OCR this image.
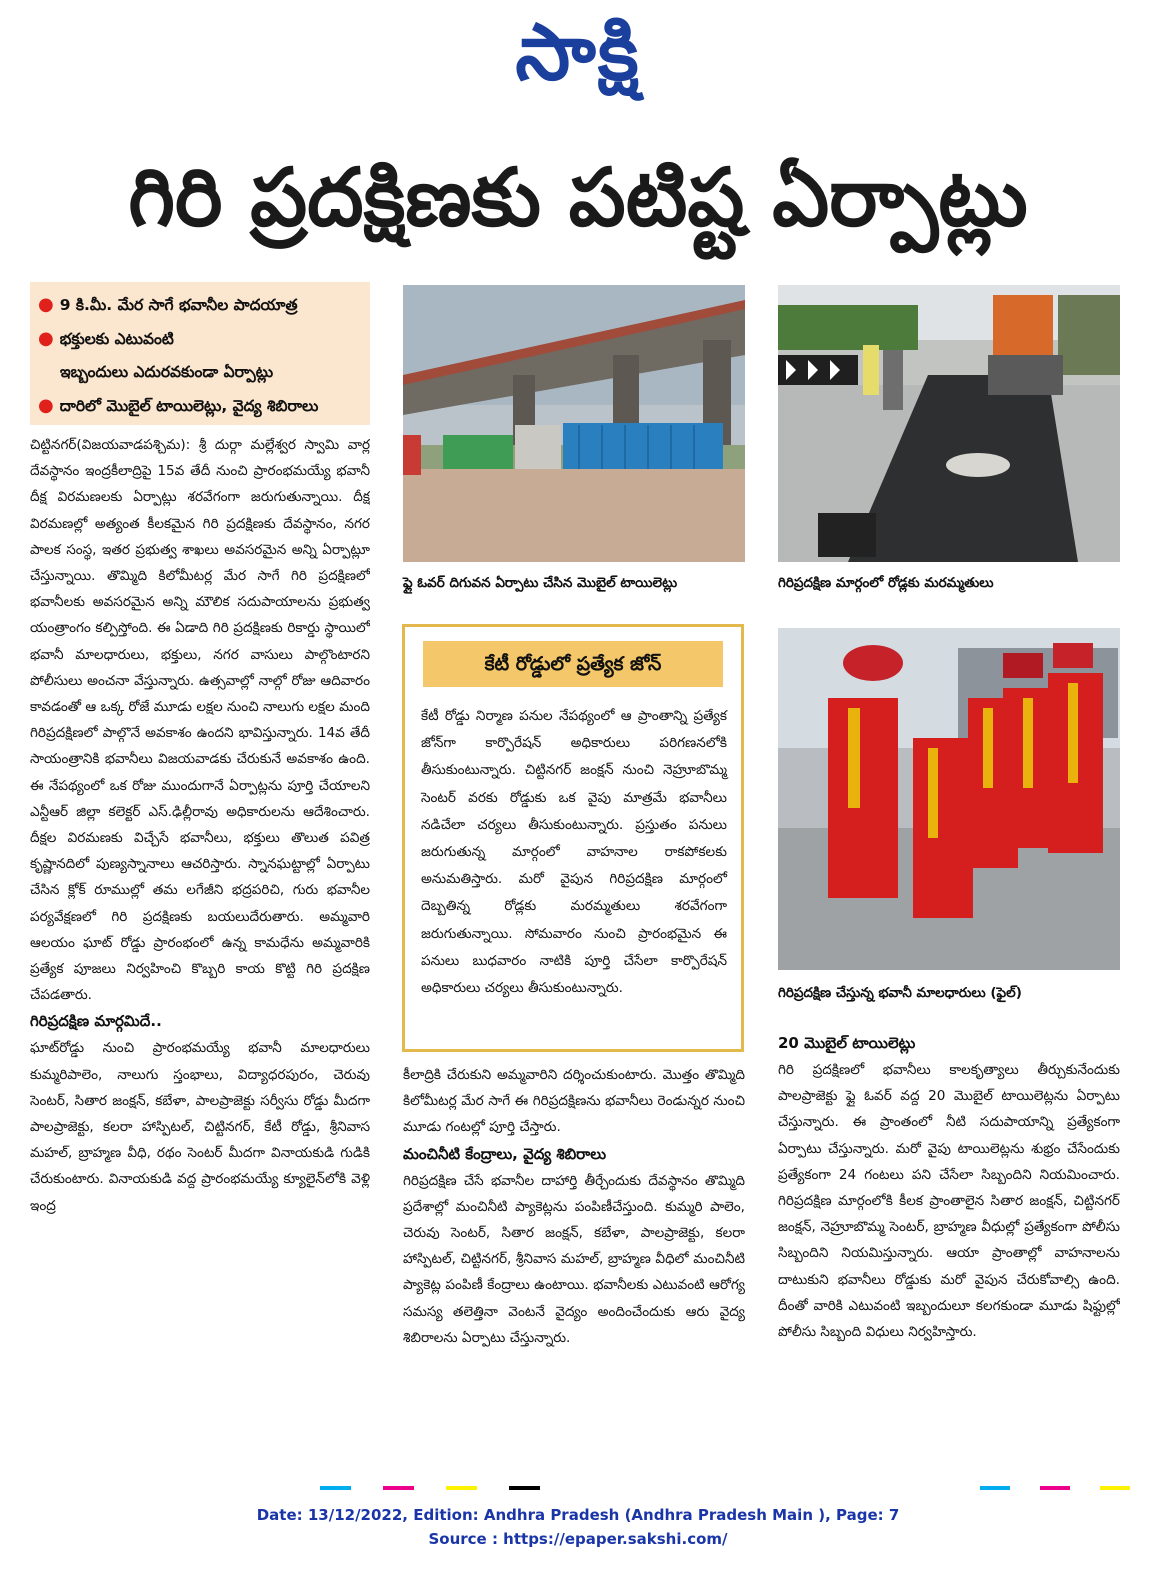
సాక్షి
గిరి ప్రదక్షిణకు పటిష్ట ఏర్పాట్లు
● 9 కి.మీ. మేర సాగే భవానీల పాదయాత్ర
● భక్తులకు ఎటువంటి
ఇబ్బందులు ఎదురవకుండా ఏర్పాట్లు
● దారిలో మొబైల్ టాయిలెట్లు, వైద్య శిబిరాలు
చిట్టినగర్(విజయవాడపశ్చిమ): శ్రీ దుర్గా మల్లేశ్వర స్వామి వార్ల దేవస్థానం ఇంద్రకీలాద్రిపై 15వ తేదీ నుంచి ప్రారంభమయ్యే భవానీ దీక్ష విరమణలకు ఏర్పాట్లు శరవేగంగా జరుగుతున్నాయి. దీక్ష విరమణల్లో అత్యంత కీలకమైన గిరి ప్రదక్షిణకు దేవస్థానం, నగర పాలక సంస్థ, ఇతర ప్రభుత్వ శాఖలు అవసరమైన అన్ని ఏర్పాట్లూ చేస్తున్నాయి. తొమ్మిది కిలోమీటర్ల మేర సాగే గిరి ప్రదక్షిణలో భవానీలకు అవసరమైన అన్ని మౌలిక సదుపాయాలను ప్రభుత్వ యంత్రాంగం కల్పిస్తోంది. ఈ ఏడాది గిరి ప్రదక్షిణకు రికార్డు స్థాయిలో భవానీ మాలధారులు, భక్తులు, నగర వాసులు పాల్గొంటారని పోలీసులు అంచనా వేస్తున్నారు. ఉత్సవాల్లో నాల్గో రోజు ఆదివారం కావడంతో ఆ ఒక్క రోజే మూడు లక్షల నుంచి నాలుగు లక్షల మంది గిరిప్రదక్షిణలో పాల్గొనే అవకాశం ఉందని భావిస్తున్నారు. 14వ తేదీ సాయంత్రానికి భవానీలు విజయవాడకు చేరుకునే అవకాశం ఉంది. ఈ నేపథ్యంలో ఒక రోజు ముందుగానే ఏర్పాట్లను పూర్తి చేయాలని ఎన్టీఆర్ జిల్లా కలెక్టర్ ఎస్.ఢిల్లీరావు అధికారులను ఆదేశించారు. దీక్షల విరమణకు విచ్చేసే భవానీలు, భక్తులు తొలుత పవిత్ర కృష్ణానదిలో పుణ్యస్నానాలు ఆచరిస్తారు. స్నానఘట్టాల్లో ఏర్పాటు చేసిన క్లోక్ రూముల్లో తమ లగేజీని భద్రపరిచి, గురు భవానీల పర్యవేక్షణలో గిరి ప్రదక్షిణకు బయలుదేరుతారు. అమ్మవారి ఆలయం ఘాట్ రోడ్డు ప్రారంభంలో ఉన్న కామధేను అమ్మవారికి ప్రత్యేక పూజలు నిర్వహించి కొబ్బరి కాయ కొట్టి గిరి ప్రదక్షిణ చేపడతారు.
గిరిప్రదక్షిణ మార్గమిదే..
ఘాట్‌రోడ్డు నుంచి ప్రారంభమయ్యే భవానీ మాలధారులు కుమ్మరిపాలెం, నాలుగు స్తంభాలు, విద్యాధరపురం, చెరువు సెంటర్, సితార జంక్షన్, కబేళా, పాలప్రాజెక్టు సర్వీసు రోడ్డు మీదగా పాలప్రాజెక్టు, కలరా హాస్పిటల్, చిట్టినగర్, కేటీ రోడ్డు, శ్రీనివాస మహల్, బ్రాహ్మణ వీధి, రథం సెంటర్ మీదగా వినాయకుడి గుడికి చేరుకుంటారు. వినాయకుడి వద్ద ప్రారంభమయ్యే క్యూలైన్‌లోకి వెళ్లి ఇంద్ర
ఫ్లై ఓవర్ దిగువన ఏర్పాటు చేసిన మొబైల్ టాయిలెట్లు	గిరిప్రదక్షిణ మార్గంలో రోడ్లకు మరమ్మతులు
గిరిప్రదక్షిణ చేస్తున్న భవానీ మాలధారులు (ఫైల్)
కేటీ రోడ్డులో ప్రత్యేక జోన్
కేటీ రోడ్డు నిర్మాణ పనుల నేపథ్యంలో ఆ ప్రాంతాన్ని ప్రత్యేక జోన్‌గా కార్పొరేషన్ అధికారులు పరిగణనలోకి తీసుకుంటున్నారు. చిట్టినగర్ జంక్షన్ నుంచి నెహ్రూబొమ్మ సెంటర్ వరకు రోడ్డుకు ఒక వైపు మాత్రమే భవానీలు నడిచేలా చర్యలు తీసుకుంటున్నారు. ప్రస్తుతం పనులు జరుగుతున్న మార్గంలో వాహనాల రాకపోకలకు అనుమతిస్తారు. మరో వైపున గిరిప్రదక్షిణ మార్గంలో దెబ్బతిన్న రోడ్లకు మరమ్మతులు శరవేగంగా జరుగుతున్నాయి. సోమవారం నుంచి ప్రారంభమైన ఈ పనులు బుధవారం నాటికి పూర్తి చేసేలా కార్పొరేషన్ అధికారులు చర్యలు తీసుకుంటున్నారు.
కీలాద్రికి చేరుకుని అమ్మవారిని దర్శించుకుంటారు. మొత్తం తొమ్మిది కిలోమీటర్ల మేర సాగే ఈ గిరిప్రదక్షిణను భవానీలు రెండున్నర నుంచి మూడు గంటల్లో పూర్తి చేస్తారు.
మంచినీటి కేంద్రాలు, వైద్య శిబిరాలు
గిరిప్రదక్షిణ చేసే భవానీల దాహార్తి తీర్చేందుకు దేవస్థానం తొమ్మిది ప్రదేశాల్లో మంచినీటి ప్యాకెట్లను పంపిణీచేస్తుంది. కుమ్మరి పాలెం, చెరువు సెంటర్, సితార జంక్షన్, కబేళా, పాలప్రాజెక్టు, కలరా హాస్పిటల్, చిట్టినగర్, శ్రీనివాస మహల్, బ్రాహ్మణ వీధిలో మంచినీటి ప్యాకెట్ల పంపిణీ కేంద్రాలు ఉంటాయి. భవానీలకు ఎటువంటి ఆరోగ్య సమస్య తలెత్తినా వెంటనే వైద్యం అందించేందుకు ఆరు వైద్య శిబిరాలను ఏర్పాటు చేస్తున్నారు.
20 మొబైల్ టాయిలెట్లు
గిరి ప్రదక్షిణలో భవానీలు కాలకృత్యాలు తీర్చుకునేందుకు పాలప్రాజెక్టు ఫ్లై ఓవర్ వద్ద 20 మొబైల్ టాయిలెట్లను ఏర్పాటు చేస్తున్నారు. ఈ ప్రాంతంలో నీటి సదుపాయాన్ని ప్రత్యేకంగా ఏర్పాటు చేస్తున్నారు. మరో వైపు టాయిలెట్లను శుభ్రం చేసేందుకు ప్రత్యేకంగా 24 గంటలు పని చేసేలా సిబ్బందిని నియమించారు. గిరిప్రదక్షిణ మార్గంలోకి కీలక ప్రాంతాలైన సితార జంక్షన్, చిట్టినగర్ జంక్షన్, నెహ్రూబొమ్మ సెంటర్, బ్రాహ్మణ వీధుల్లో ప్రత్యేకంగా పోలీసు సిబ్బందిని నియమిస్తున్నారు. ఆయా ప్రాంతాల్లో వాహనాలను దాటుకుని భవానీలు రోడ్డుకు మరో వైపున చేరుకోవాల్సి ఉంది. దీంతో వారికి ఎటువంటి ఇబ్బందులూ కలగకుండా మూడు షిఫ్టుల్లో పోలీసు సిబ్బంది విధులు నిర్వహిస్తారు.
Date: 13/12/2022, Edition: Andhra Pradesh (Andhra Pradesh Main ), Page: 7
Source : https://epaper.sakshi.com/
